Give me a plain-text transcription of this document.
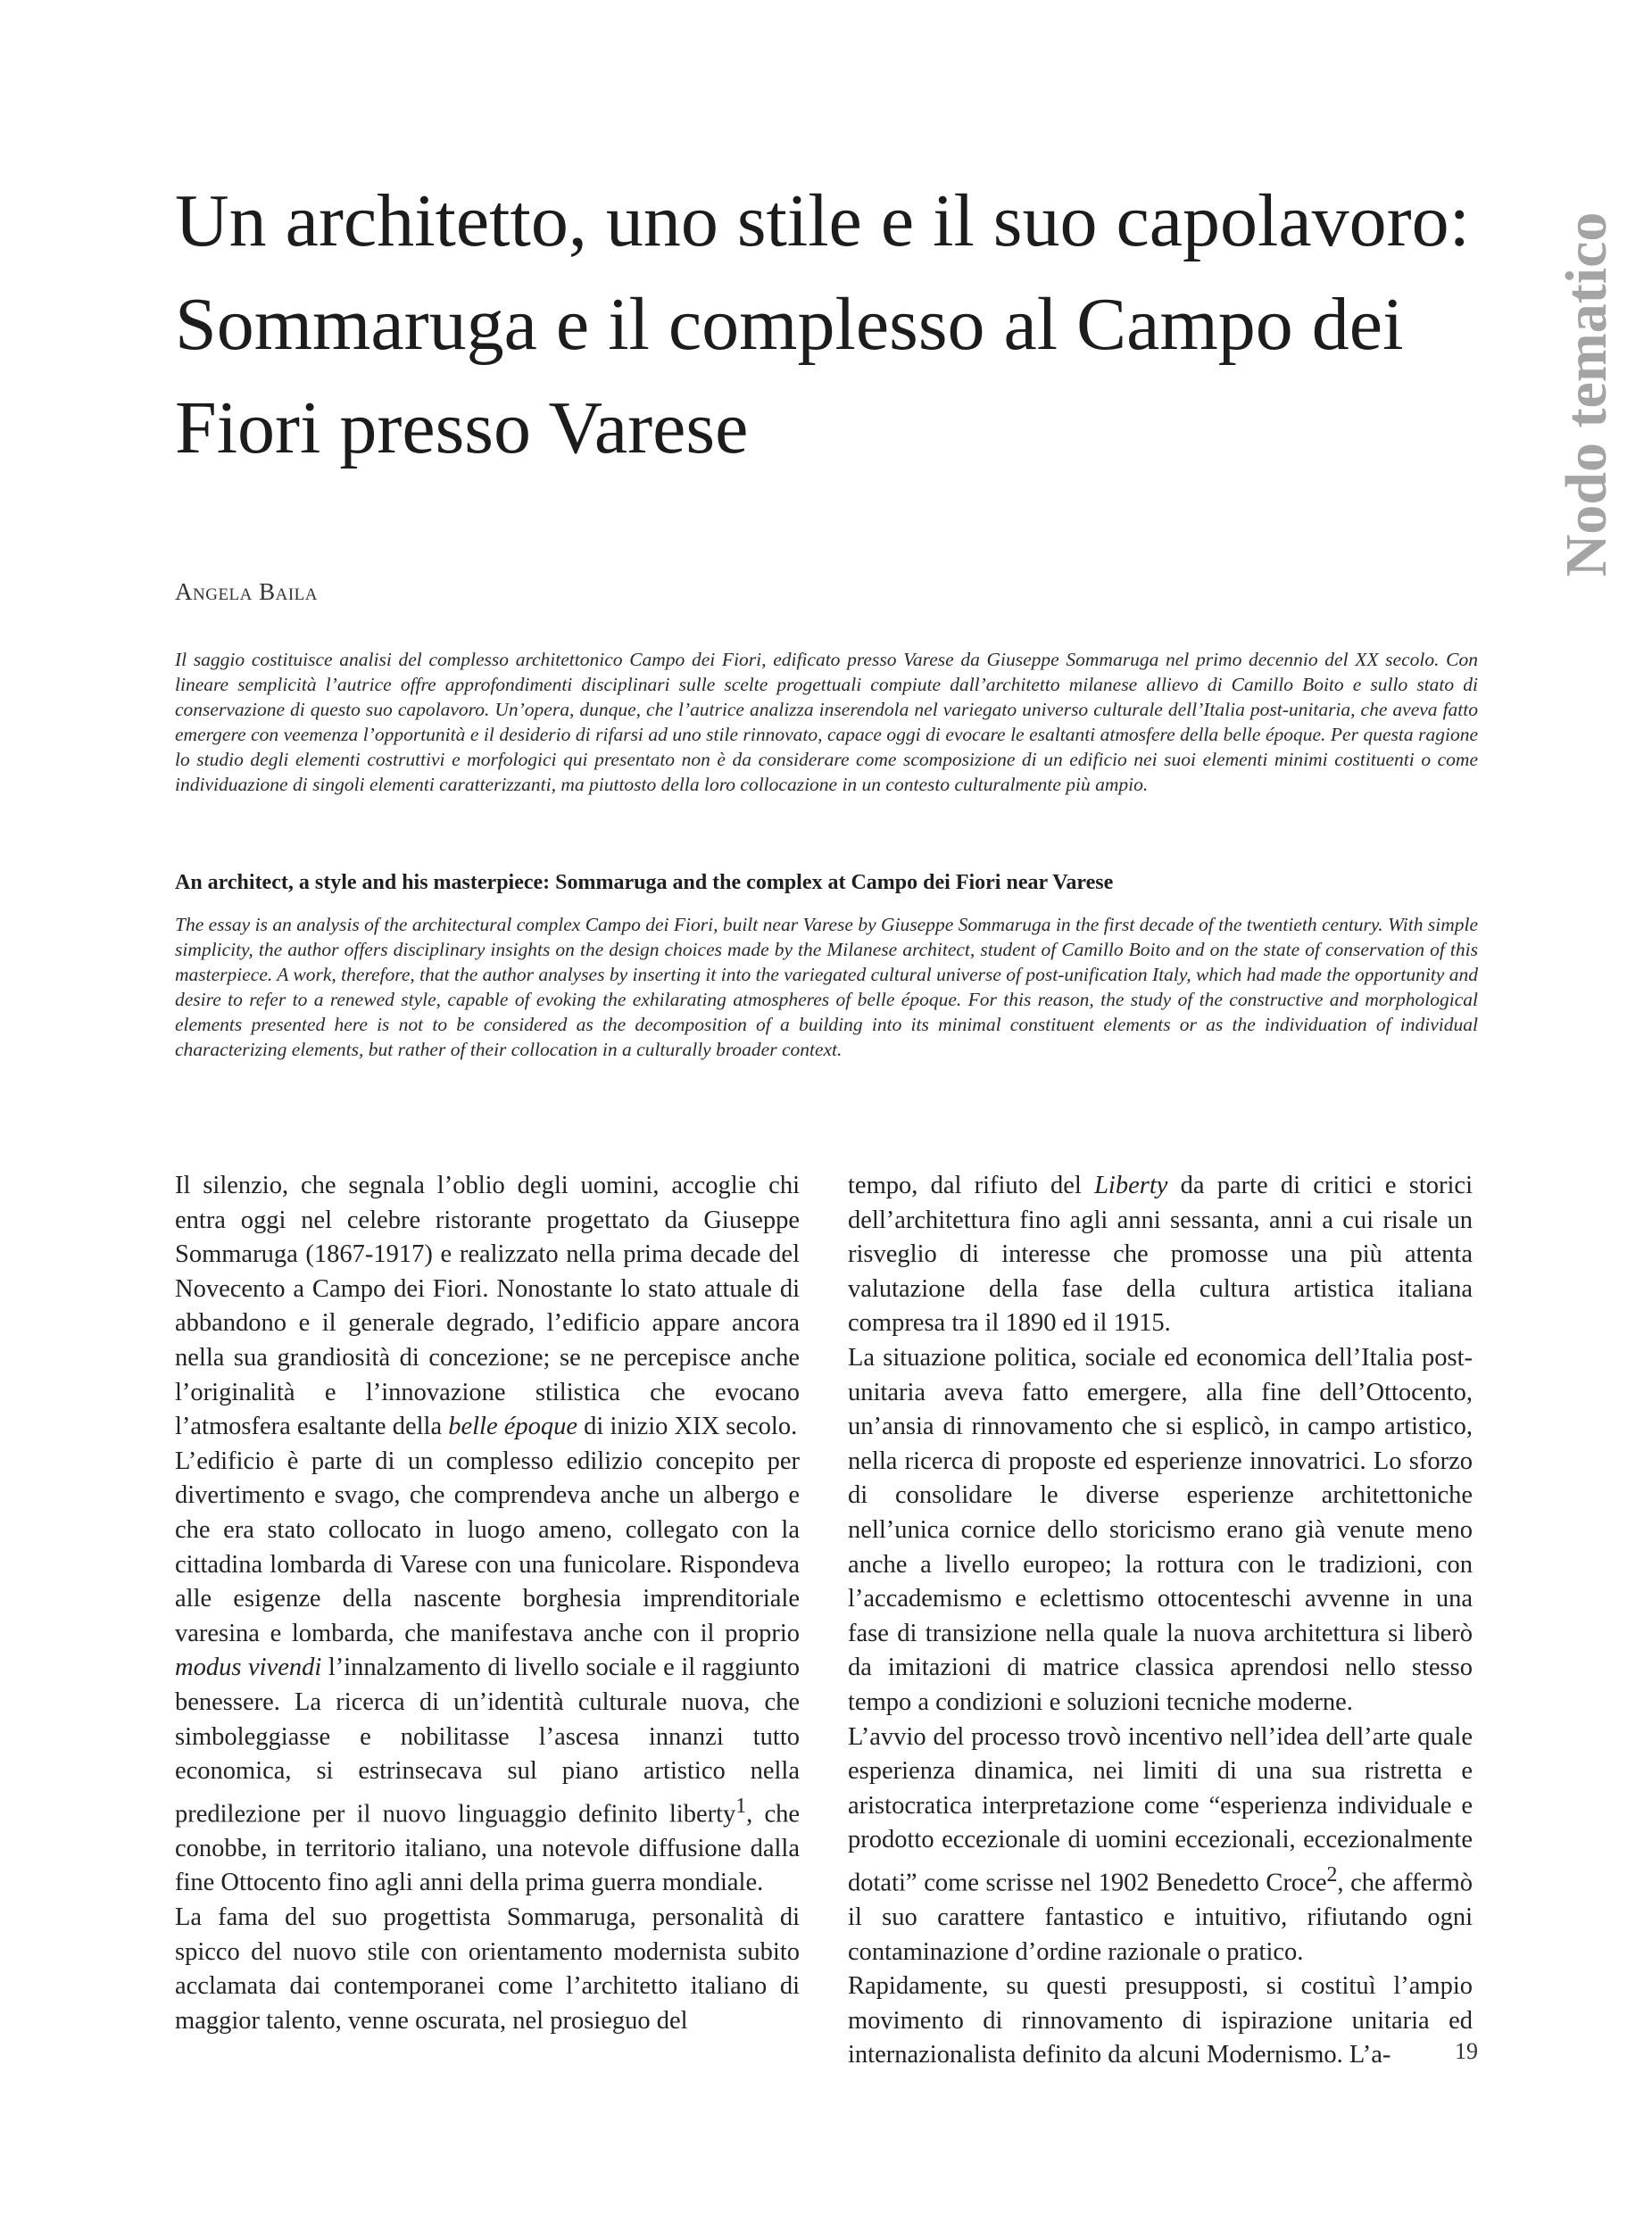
Un architetto, uno stile e il suo capolavoro: Sommaruga e il complesso al Campo dei Fiori presso Varese	Nodo tematico
Angela Baila

Il saggio costituisce analisi del complesso architettonico Campo dei Fiori, edificato presso Varese da Giuseppe Sommaruga nel primo decennio del XX secolo. Con lineare semplicità l’autrice offre approfondimenti disciplinari sulle scelte progettuali compiute dall’architetto milanese allievo di Camillo Boito e sullo stato di conservazione di questo suo capolavoro. Un’opera, dunque, che l’autrice analizza inserendola nel variegato universo culturale dell’Italia post-unitaria, che aveva fatto emergere con veemenza l’opportunità e il desiderio di rifarsi ad uno stile rinnovato, capace oggi di evocare le esaltanti atmosfere della belle époque. Per questa ragione lo studio degli elementi costruttivi e morfologici qui presentato non è da considerare come scomposizione di un edificio nei suoi elementi minimi costituenti o come individuazione di singoli elementi caratterizzanti, ma piuttosto della loro collocazione in un contesto culturalmente più ampio.

An architect, a style and his masterpiece: Sommaruga and the complex at Campo dei Fiori near Varese

The essay is an analysis of the architectural complex Campo dei Fiori, built near Varese by Giuseppe Sommaruga in the first decade of the twentieth century. With simple simplicity, the author offers disciplinary insights on the design choices made by the Milanese architect, student of Camillo Boito and on the state of conservation of this masterpiece. A work, therefore, that the author analyses by inserting it into the variegated cultural universe of post-unification Italy, which had made the opportunity and desire to refer to a renewed style, capable of evoking the exhilarating atmospheres of belle époque. For this reason, the study of the constructive and morphological elements presented here is not to be considered as the decomposition of a building into its minimal constituent elements or as the individuation of individual characterizing elements, but rather of their collocation in a culturally broader context.

Il silenzio, che segnala l’oblio degli uomini, accoglie chi entra oggi nel celebre ristorante progettato da Giuseppe Sommaruga (1867-1917) e realizzato nella prima decade del Novecento a Campo dei Fiori. Nonostante lo stato attuale di abbandono e il generale degrado, l’edificio appare ancora nella sua grandiosità di concezione; se ne percepisce anche l’originalità e l’innovazione stilistica che evocano l’atmosfera esaltante della belle époque di inizio XIX secolo.

L’edificio è parte di un complesso edilizio concepito per divertimento e svago, che comprendeva anche un albergo e che era stato collocato in luogo ameno, collegato con la cittadina lombarda di Varese con una funicolare. Rispondeva alle esigenze della nascente borghesia imprenditoriale varesina e lombarda, che manifestava anche con il proprio modus vivendi l’innalzamento di livello sociale e il raggiunto benessere. La ricerca di un’identità culturale nuova, che simboleggiasse e nobilitasse l’ascesa innanzi tutto economica, si estrinsecava sul piano artistico nella predilezione per il nuovo linguaggio definito liberty$^1$, che conobbe, in territorio italiano, una notevole diffusione dalla fine Ottocento fino agli anni della prima guerra mondiale.

La fama del suo progettista Sommaruga, personalità di spicco del nuovo stile con orientamento modernista subito acclamata dai contemporanei come l’architetto italiano di maggior talento, venne oscurata, nel prosieguo del

tempo, dal rifiuto del Liberty da parte di critici e storici dell’architettura fino agli anni sessanta, anni a cui risale un risveglio di interesse che promosse una più attenta valutazione della fase della cultura artistica italiana compresa tra il 1890 ed il 1915.

La situazione politica, sociale ed economica dell’Italia post-unitaria aveva fatto emergere, alla fine dell’Ottocento, un’ansia di rinnovamento che si esplicò, in campo artistico, nella ricerca di proposte ed esperienze innovatrici. Lo sforzo di consolidare le diverse esperienze architettoniche nell’unica cornice dello storicismo erano già venute meno anche a livello europeo; la rottura con le tradizioni, con l’accademismo e eclettismo ottocenteschi avvenne in una fase di transizione nella quale la nuova architettura si liberò da imitazioni di matrice classica aprendosi nello stesso tempo a condizioni e soluzioni tecniche moderne.

L’avvio del processo trovò incentivo nell’idea dell’arte quale esperienza dinamica, nei limiti di una sua ristretta e aristocratica interpretazione come “esperienza individuale e prodotto eccezionale di uomini eccezionali, eccezionalmente dotati” come scrisse nel 1902 Benedetto Croce$^2$, che affermò il suo carattere fantastico e intuitivo, rifiutando ogni contaminazione d’ordine razionale o pratico.

Rapidamente, su questi presupposti, si costituì l’ampio movimento di rinnovamento di ispirazione unitaria ed internazionalista definito da alcuni Modernismo. L’a-	19
